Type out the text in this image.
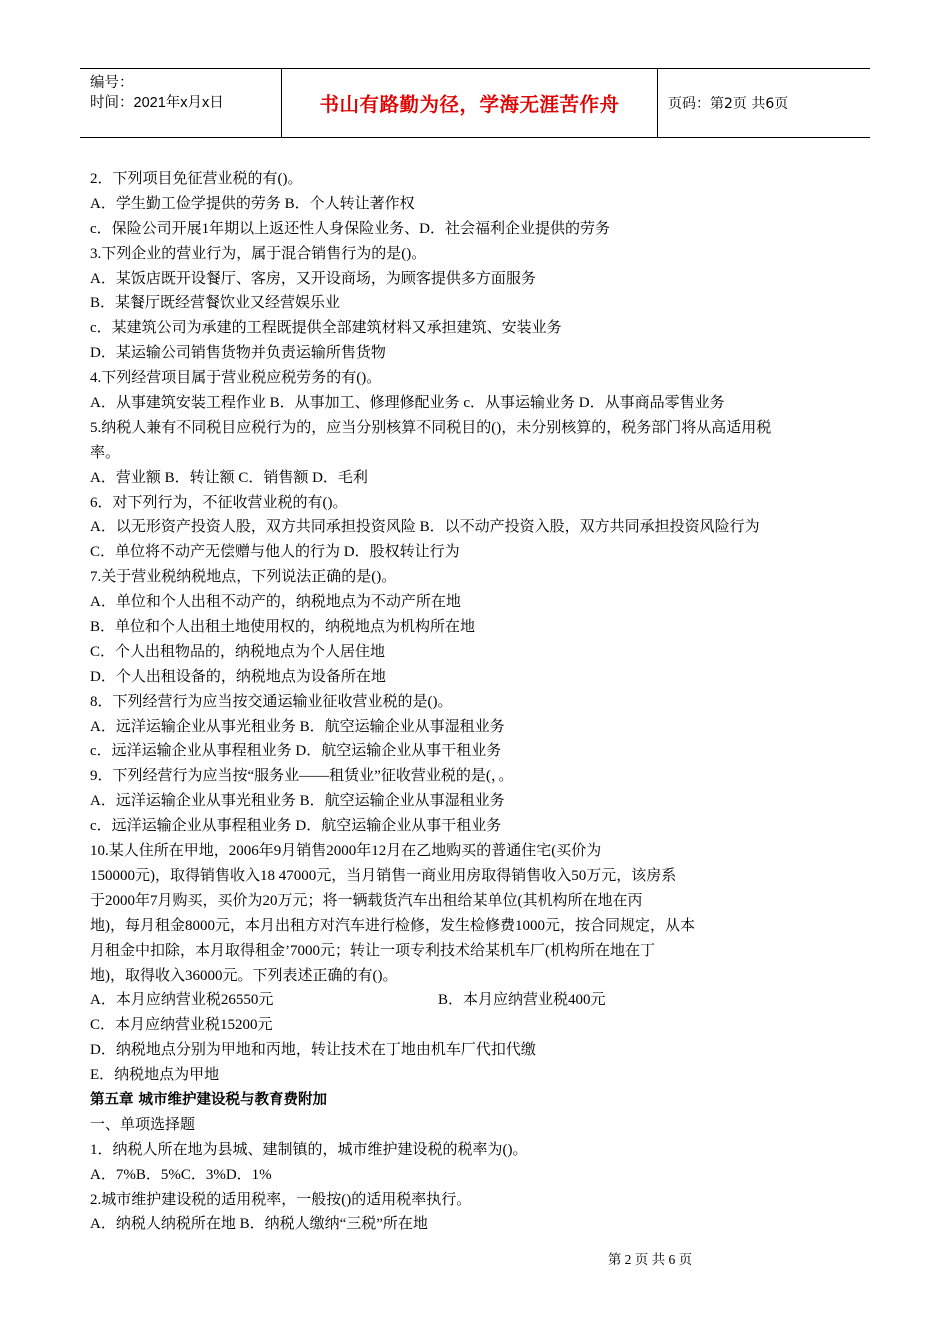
编号：
时间：2021年x月x日	书山有路勤为径，学海无涯苦作舟	页码：第2页 共6页
2．下列项目免征营业税的有()。
A．学生勤工俭学提供的劳务 B．个人转让著作权
c．保险公司开展1年期以上返还性人身保险业务、D．社会福利企业提供的劳务
3.下列企业的营业行为，属于混合销售行为的是()。
A．某饭店既开设餐厅、客房，又开设商场，为顾客提供多方面服务
B．某餐厅既经营餐饮业又经营娱乐业
c．某建筑公司为承建的工程既提供全部建筑材料又承担建筑、安装业务
D．某运输公司销售货物并负责运输所售货物
4.下列经营项目属于营业税应税劳务的有()。
A．从事建筑安装工程作业 B．从事加工、修理修配业务 c．从事运输业务 D．从事商品零售业务
5.纳税人兼有不同税目应税行为的，应当分别核算不同税目的()，未分别核算的，税务部门将从高适用税
率。
A．营业额 B．转让额 C．销售额 D．毛利
6．对下列行为，不征收营业税的有()。
A．以无形资产投资人股，双方共同承担投资风险 B．以不动产投资入股，双方共同承担投资风险行为
C．单位将不动产无偿赠与他人的行为 D．股权转让行为
7.关于营业税纳税地点，下列说法正确的是()。
A．单位和个人出租不动产的，纳税地点为不动产所在地
B．单位和个人出租土地使用权的，纳税地点为机构所在地
C．个人出租物品的，纳税地点为个人居住地
D．个人出租设备的，纳税地点为设备所在地
8．下列经营行为应当按交通运输业征收营业税的是()。
A．远洋运输企业从事光租业务 B．航空运输企业从事湿租业务
c．远洋运输企业从事程租业务 D．航空运输企业从事干租业务
9．下列经营行为应当按“服务业——租赁业”征收营业税的是(，。
A．远洋运输企业从事光租业务 B．航空运输企业从事湿租业务
c．远洋运输企业从事程租业务 D．航空运输企业从事干租业务
10.某人住所在甲地，2006年9月销售2000年12月在乙地购买的普通住宅(买价为
150000元)，取得销售收入18 47000元，当月销售一商业用房取得销售收入50万元，该房系
于2000年7月购买，买价为20万元；将一辆载货汽车出租给某单位(其机构所在地在丙
地)，每月租金8000元，本月出租方对汽车进行检修，发生检修费1000元，按合同规定，从本
月租金中扣除，本月取得租金’7000元；转让一项专利技术给某机车厂(机构所在地在丁
地)，取得收入36000元。下列表述正确的有()。
A．本月应纳营业税26550元	B．本月应纳营业税400元
C．本月应纳营业税15200元
D．纳税地点分别为甲地和丙地，转让技术在丁地由机车厂代扣代缴
E．纳税地点为甲地
第五章 城市维护建设税与教育费附加
一、单项选择题
1．纳税人所在地为县城、建制镇的，城市维护建设税的税率为()。
A．7%B．5%C．3%D．1%
2.城市维护建设税的适用税率，一般按()的适用税率执行。
A．纳税人纳税所在地 B．纳税人缴纳“三税”所在地
第 2 页 共 6 页
